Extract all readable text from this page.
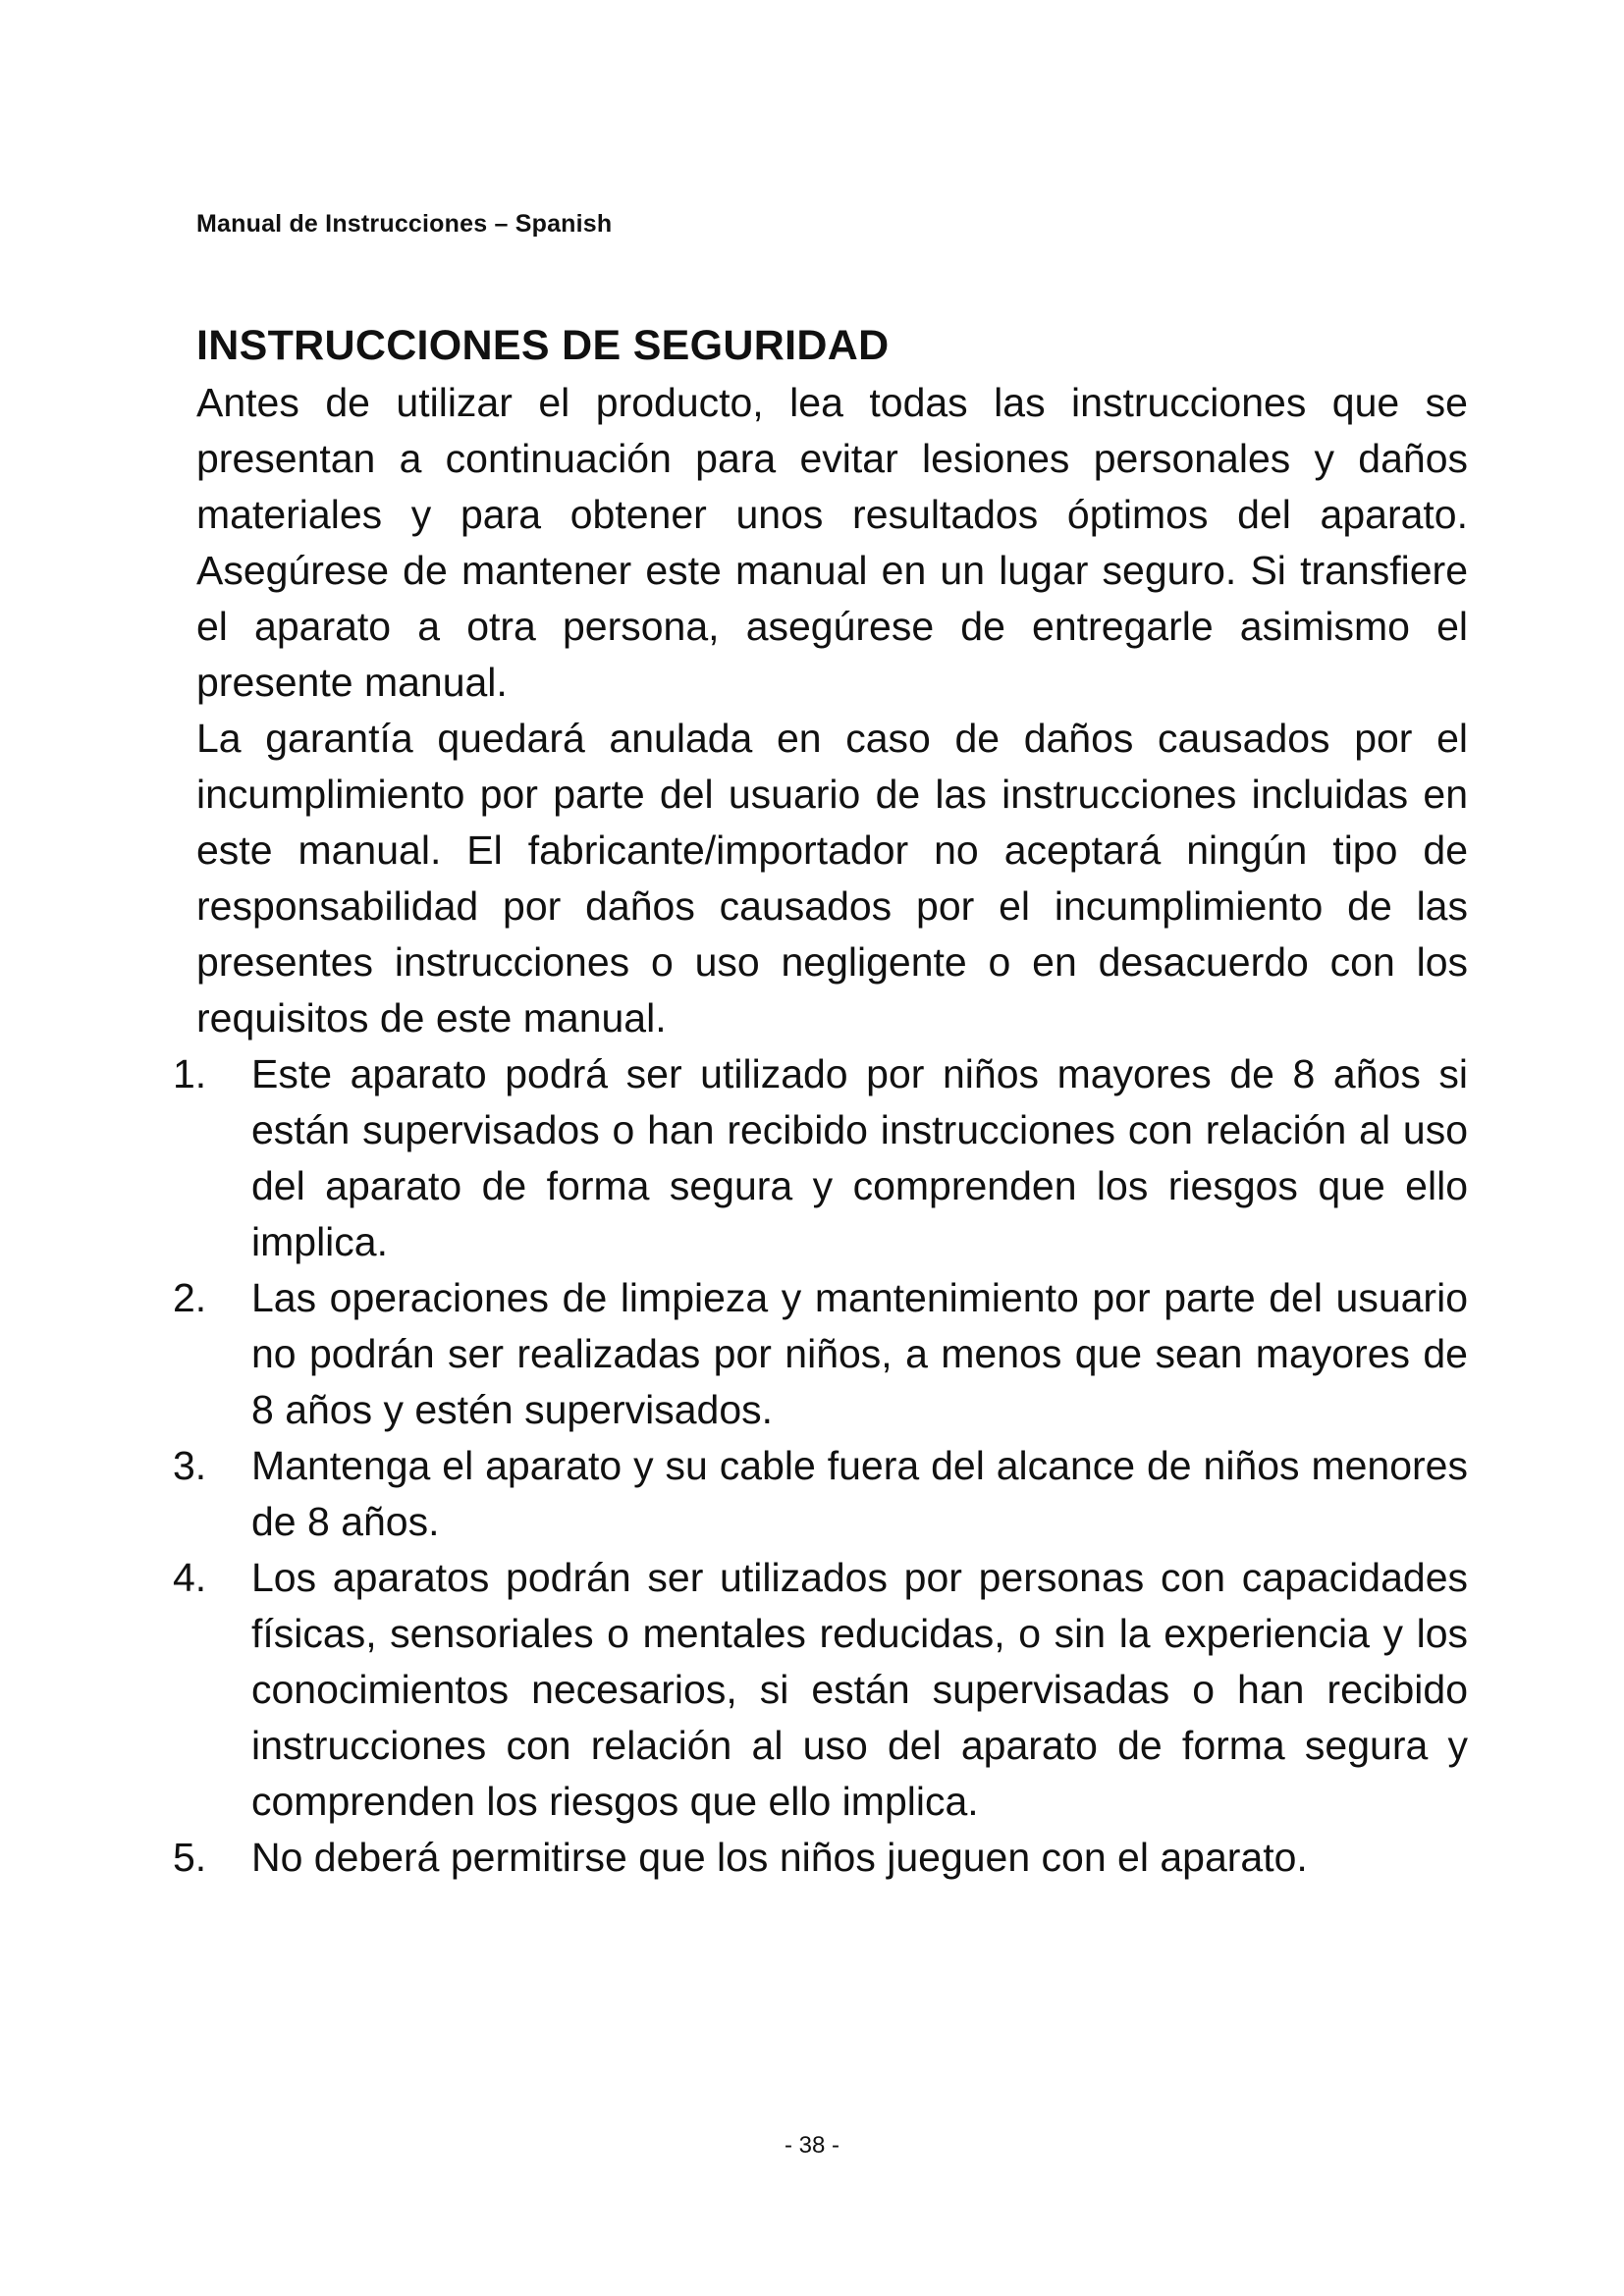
Manual de Instrucciones – Spanish
INSTRUCCIONES DE SEGURIDAD

Antes de utilizar el producto, lea todas las instrucciones que se presentan a continuación para evitar lesiones personales y daños materiales y para obtener unos resultados óptimos del aparato. Asegúrese de mantener este manual en un lugar seguro. Si transfiere el aparato a otra persona, asegúrese de entregarle asimismo el presente manual.

La garantía quedará anulada en caso de daños causados por el incumplimiento por parte del usuario de las instrucciones incluidas en este manual. El fabricante/importador no aceptará ningún tipo de responsabilidad por daños causados por el incumplimiento de las presentes instrucciones o uso negligente o en desacuerdo con los requisitos de este manual.

1.	Este aparato podrá ser utilizado por niños mayores de 8 años si están supervisados o han recibido instrucciones con relación al uso del aparato de forma segura y comprenden los riesgos que ello implica.
2.	Las operaciones de limpieza y mantenimiento por parte del usuario no podrán ser realizadas por niños, a menos que sean mayores de 8 años y estén supervisados.
3.	Mantenga el aparato y su cable fuera del alcance de niños menores de 8 años.
4.	Los aparatos podrán ser utilizados por personas con capacidades físicas, sensoriales o mentales reducidas, o sin la experiencia y los conocimientos necesarios, si están supervisadas o han recibido instrucciones con relación al uso del aparato de forma segura y comprenden los riesgos que ello implica.
5.	No deberá permitirse que los niños jueguen con el aparato.
- 38 -
